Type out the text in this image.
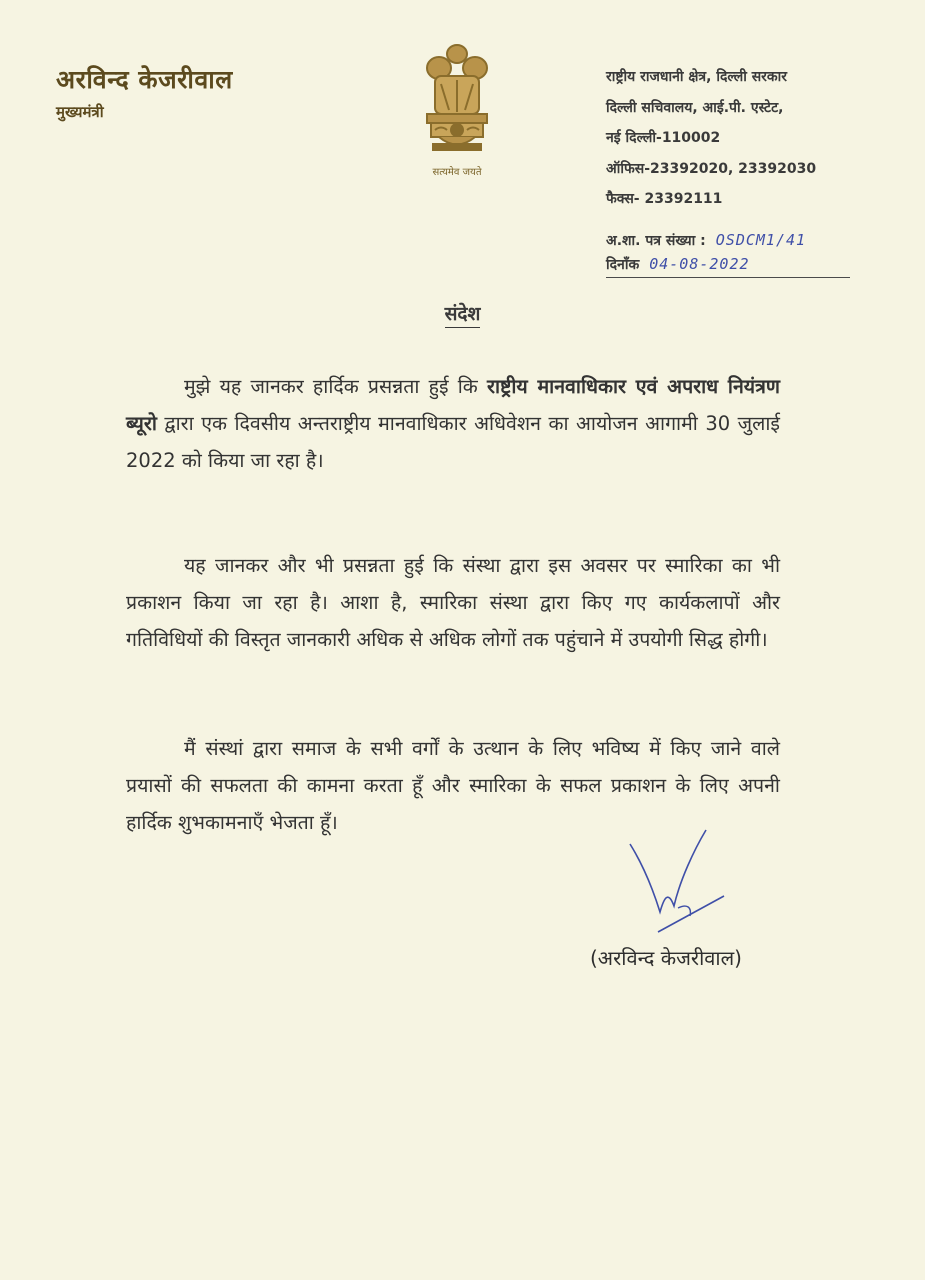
अरविन्द केजरीवाल
मुख्यमंत्री
सत्यमेव जयते
राष्ट्रीय राजधानी क्षेत्र, दिल्ली सरकार
दिल्ली सचिवालय, आई.पी. एस्टेट,
नई दिल्ली-110002
ऑफिस-23392020, 23392030
फैक्स- 23392111
अ.शा. पत्र संख्या : OSDCM1/41
दिनाँक 04-08-2022
संदेश
मुझे यह जानकर हार्दिक प्रसन्नता हुई कि राष्ट्रीय मानवाधिकार एवं अपराध नियंत्रण ब्यूरो द्वारा एक दिवसीय अन्तराष्ट्रीय मानवाधिकार अधिवेशन का आयोजन आगामी 30 जुलाई 2022 को किया जा रहा है।
यह जानकर और भी प्रसन्नता हुई कि संस्था द्वारा इस अवसर पर स्मारिका का भी प्रकाशन किया जा रहा है। आशा है, स्मारिका संस्था द्वारा किए गए कार्यकलापों और गतिविधियों की विस्तृत जानकारी अधिक से अधिक लोगों तक पहुंचाने में उपयोगी सिद्ध होगी।
मैं संस्थां द्वारा समाज के सभी वर्गों के उत्थान के लिए भविष्य में किए जाने वाले प्रयासों की सफलता की कामना करता हूँ और स्मारिका के सफल प्रकाशन के लिए अपनी हार्दिक शुभकामनाएँ भेजता हूँ।
(अरविन्द केजरीवाल)
